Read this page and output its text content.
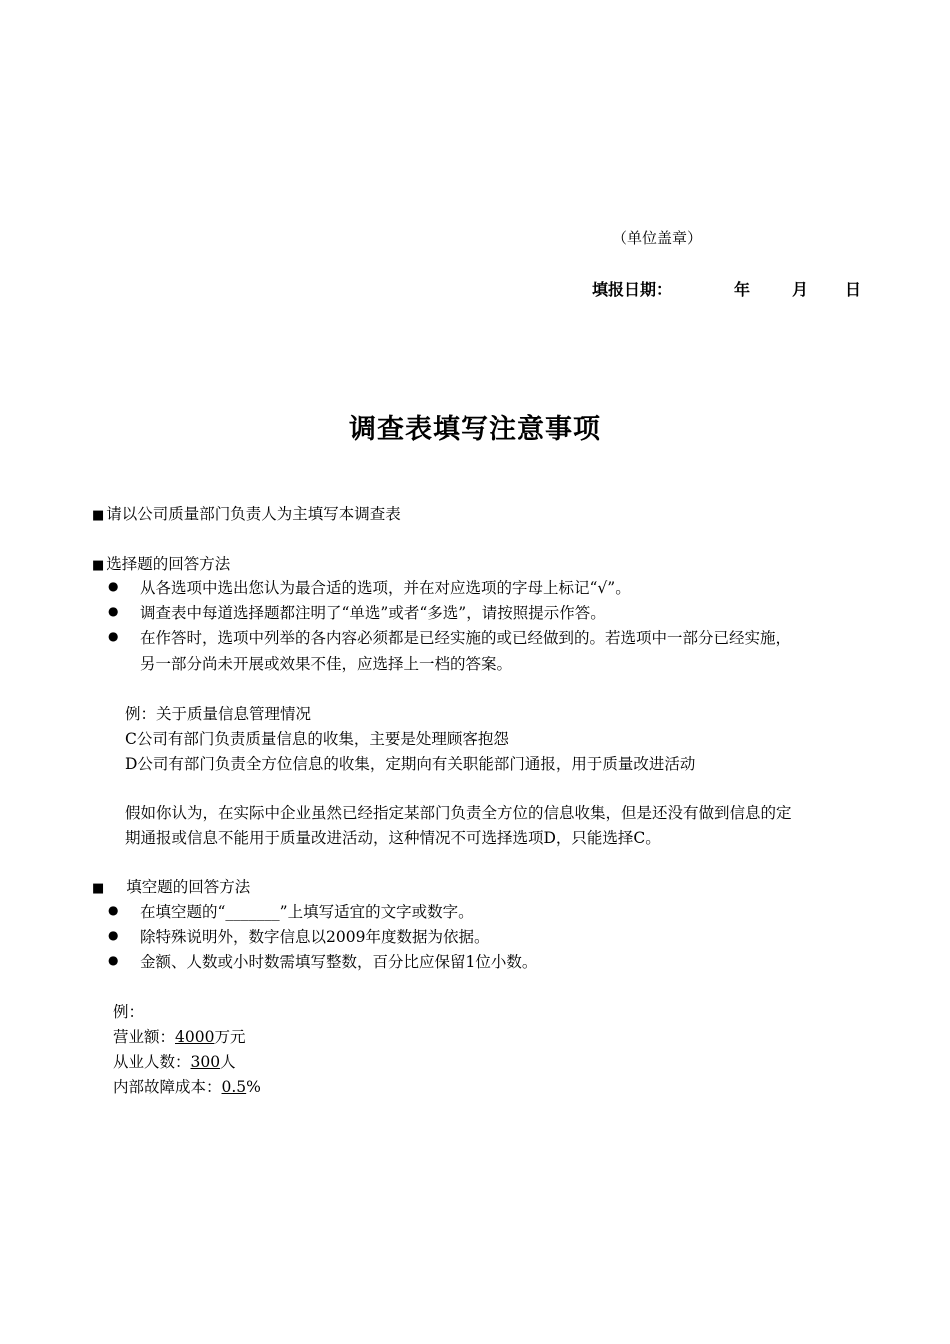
（单位盖章）
填报日期：	年	月 日
调查表填写注意事项
■ 请以公司质量部门负责人为主填写本调查表
■ 选择题的回答方法
● 从各选项中选出您认为最合适的选项，并在对应选项的字母上标记“√”。
● 调查表中每道选择题都注明了“单选”或者“多选”，请按照提示作答。
● 在作答时，选项中列举的各内容必须都是已经实施的或已经做到的。若选项中一部分已经实施，
另一部分尚未开展或效果不佳，应选择上一档的答案。
例：关于质量信息管理情况
C公司有部门负责质量信息的收集，主要是处理顾客抱怨
D公司有部门负责全方位信息的收集，定期向有关职能部门通报，用于质量改进活动
假如你认为，在实际中企业虽然已经指定某部门负责全方位的信息收集，但是还没有做到信息的定
期通报或信息不能用于质量改进活动，这种情况不可选择选项D，只能选择C。
■ 填空题的回答方法
● 在填空题的“_______”上填写适宜的文字或数字。
● 除特殊说明外，数字信息以2009年度数据为依据。
● 金额、人数或小时数需填写整数，百分比应保留1位小数。
例：
营业额：4000万元
从业人数：300人
内部故障成本：0.5%
